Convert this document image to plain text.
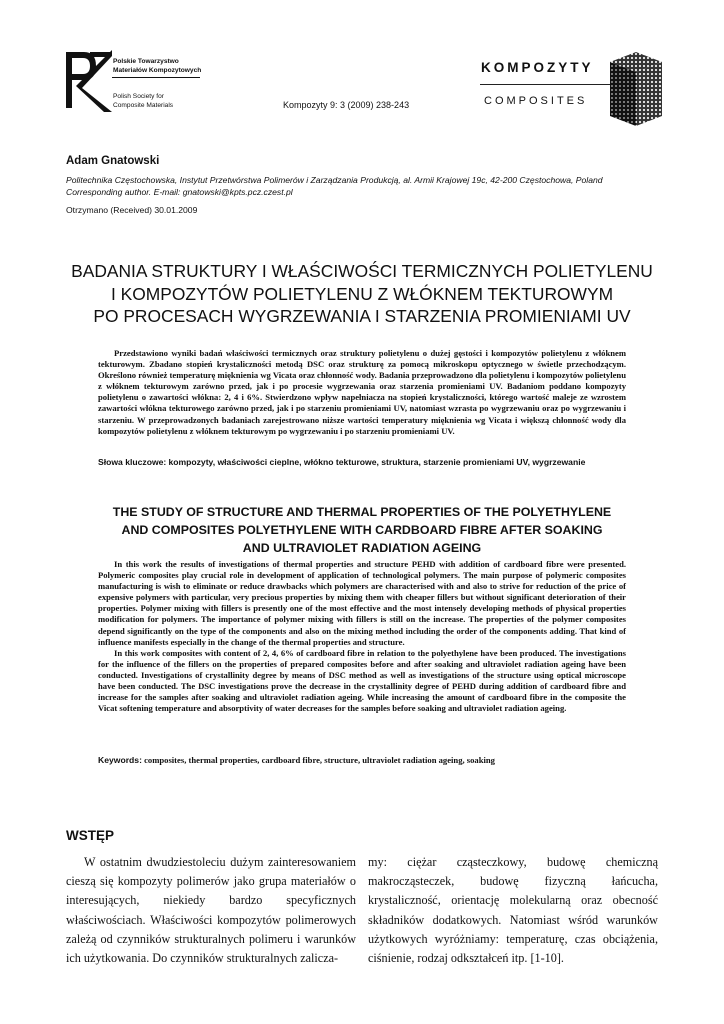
Polskie Towarzystwo
Materiałów Kompozytowych
Polish Society for
Composite Materials	Kompozyty 9: 3 (2009) 238-243
KOMPOZYTY
COMPOSITES
Adam Gnatowski
Politechnika Częstochowska, Instytut Przetwórstwa Polimerów i Zarządzania Produkcją, al. Armii Krajowej 19c, 42-200 Częstochowa, Poland
Corresponding author. E-mail: gnatowski@kpts.pcz.czest.pl
Otrzymano (Received) 30.01.2009
BADANIA STRUKTURY I WŁAŚCIWOŚCI TERMICZNYCH POLIETYLENU
I KOMPOZYTÓW POLIETYLENU Z WŁÓKNEM TEKTUROWYM
PO PROCESACH WYGRZEWANIA I STARZENIA PROMIENIAMI UV

Przedstawiono wyniki badań właściwości termicznych oraz struktury polietylenu o dużej gęstości i kompozytów polietylenu z włóknem tekturowym. Zbadano stopień krystaliczności metodą DSC oraz strukturę za pomocą mikroskopu optycznego w świetle przechodzącym. Określono również temperaturę mięknienia wg Vicata oraz chłonność wody. Badania przeprowadzono dla polietylenu i kompozytów polietylenu z włóknem tekturowym zarówno przed, jak i po procesie wygrzewania oraz starzenia promieniami UV. Badaniom poddano kompozyty polietylenu o zawartości włókna: 2, 4 i 6%. Stwierdzono wpływ napełniacza na stopień krystaliczności, którego wartość maleje ze wzrostem zawartości włókna tekturowego zarówno przed, jak i po starzeniu promieniami UV, natomiast wzrasta po wygrzewaniu oraz po wygrzewaniu i starzeniu. W przeprowadzonych badaniach zarejestrowano niższe wartości temperatury mięknienia wg Vicata i większą chłonność wody dla kompozytów polietylenu z włóknem tekturowym po wygrzewaniu i po starzeniu promieniami UV.

Słowa kluczowe: kompozyty, właściwości cieplne, włókno tekturowe, struktura, starzenie promieniami UV, wygrzewanie
THE STUDY OF STRUCTURE AND THERMAL PROPERTIES OF THE POLYETHYLENE
AND COMPOSITES POLYETHYLENE WITH CARDBOARD FIBRE AFTER SOAKING
AND ULTRAVIOLET RADIATION AGEING

In this work the results of investigations of thermal properties and structure PEHD with addition of cardboard fibre were presented. Polymeric composites play crucial role in development of application of technological polymers. The main purpose of polymeric composites manufacturing is wish to eliminate or reduce drawbacks which polymers are characterised with and also to strive for reduction of the price of expensive polymers with particular, very precious properties by mixing them with cheaper fillers but without significant deterioration of their properties. Polymer mixing with fillers is presently one of the most effective and the most intensely developing methods of physical properties modification for polymers. The importance of polymer mixing with fillers is still on the increase. The properties of the polymer composites depend significantly on the type of the components and also on the mixing method including the order of the components adding. That kind of influence manifests especially in the change of the thermal properties and structure.

In this work composites with content of 2, 4, 6% of cardboard fibre in relation to the polyethylene have been produced. The investigations for the influence of the fillers on the properties of prepared composites before and after soaking and ultraviolet radiation ageing have been conducted. Investigations of crystallinity degree by means of DSC method as well as investigations of the structure using optical microscope have been conducted. The DSC investigations prove the decrease in the crystallinity degree of PEHD during addition of cardboard fibre and increase for the samples after soaking and ultraviolet radiation ageing. While increasing the amount of cardboard fibre in the composite the Vicat softening temperature and absorptivity of water decreases for the samples before soaking and ultraviolet radiation ageing.

Keywords: composites, thermal properties, cardboard fibre, structure, ultraviolet radiation ageing, soaking
WSTĘP

W ostatnim dwudziestoleciu dużym zainteresowaniem cieszą się kompozyty polimerów jako grupa materiałów o interesujących, niekiedy bardzo specyficznych właściwościach. Właściwości kompozytów polimerowych zależą od czynników strukturalnych polimeru i warunków ich użytkowania. Do czynników strukturalnych zalicza-

my: ciężar cząsteczkowy, budowę chemiczną makrocząsteczek, budowę fizyczną łańcucha, krystaliczność, orientację molekularną oraz obecność składników dodatkowych. Natomiast wśród warunków użytkowych wyróżniamy: temperaturę, czas obciążenia, ciśnienie, rodzaj odkształceń itp. [1-10].
